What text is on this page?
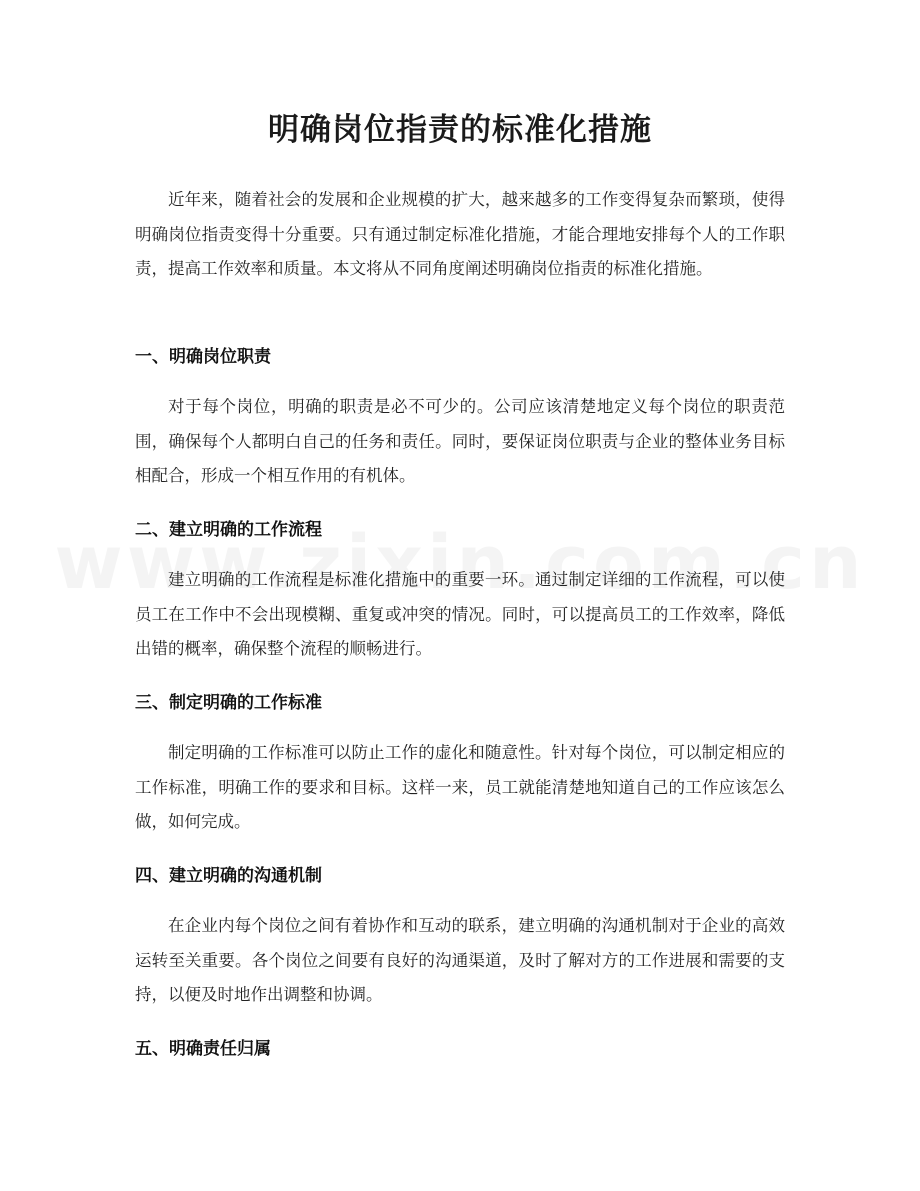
明确岗位指责的标准化措施

近年来，随着社会的发展和企业规模的扩大，越来越多的工作变得复杂而繁琐，使得明确岗位指责变得十分重要。只有通过制定标准化措施，才能合理地安排每个人的工作职责，提高工作效率和质量。本文将从不同角度阐述明确岗位指责的标准化措施。

一、明确岗位职责

对于每个岗位，明确的职责是必不可少的。公司应该清楚地定义每个岗位的职责范围，确保每个人都明白自己的任务和责任。同时，要保证岗位职责与企业的整体业务目标相配合，形成一个相互作用的有机体。

二、建立明确的工作流程

建立明确的工作流程是标准化措施中的重要一环。通过制定详细的工作流程，可以使员工在工作中不会出现模糊、重复或冲突的情况。同时，可以提高员工的工作效率，降低出错的概率，确保整个流程的顺畅进行。

三、制定明确的工作标准

制定明确的工作标准可以防止工作的虚化和随意性。针对每个岗位，可以制定相应的工作标准，明确工作的要求和目标。这样一来，员工就能清楚地知道自己的工作应该怎么做，如何完成。

四、建立明确的沟通机制

在企业内每个岗位之间有着协作和互动的联系，建立明确的沟通机制对于企业的高效运转至关重要。各个岗位之间要有良好的沟通渠道，及时了解对方的工作进展和需要的支持，以便及时地作出调整和协调。

五、明确责任归属
